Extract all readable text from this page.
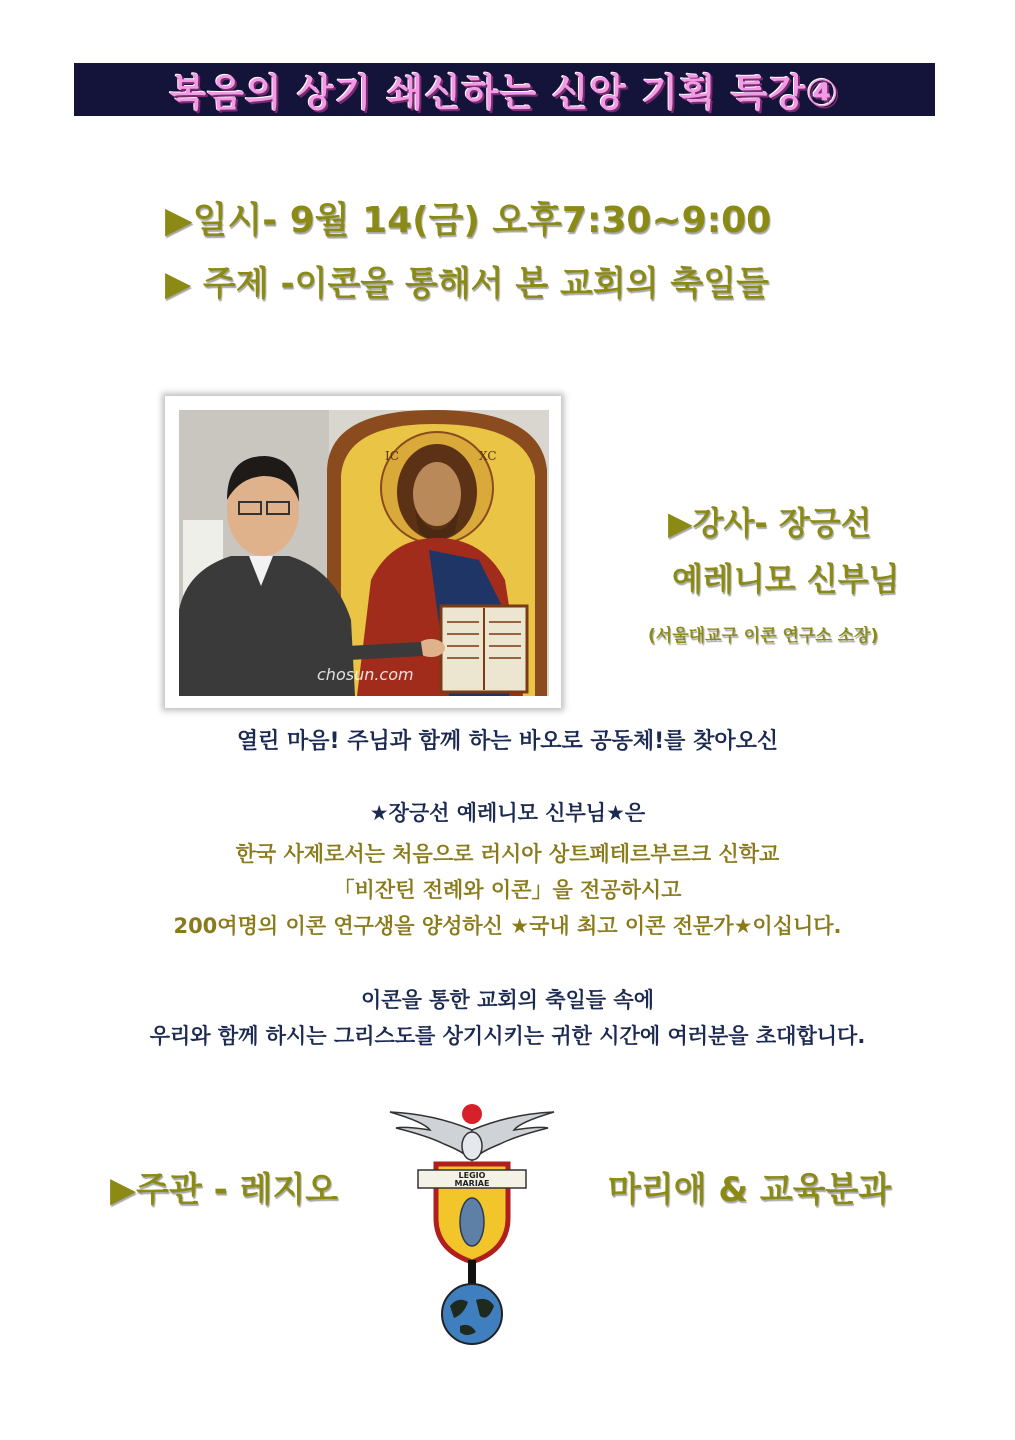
복음의 상기 쇄신하는 신앙 기획 특강④
▶일시- 9월 14(금) 오후7:30~9:00
▶ 주제 -이콘을 통해서 본 교회의 축일들
IC	XC
chosun.com
▶강사- 장긍선
예레니모 신부님
(서울대교구 이콘 연구소 소장)
열린 마음! 주님과 함께 하는 바오로 공동체!를 찾아오신
★장긍선 예레니모 신부님★은
한국 사제로서는 처음으로 러시아 상트페테르부르크 신학교
「비잔틴 전례와 이콘」을 전공하시고
200여명의 이콘 연구생을 양성하신 ★국내 최고 이콘 전문가★이십니다.
이콘을 통한 교회의 축일들 속에
우리와 함께 하시는 그리스도를 상기시키는 귀한 시간에 여러분을 초대합니다.
▶주관 - 레지오	마리애 & 교육분과
LEGIO
MARIAE
